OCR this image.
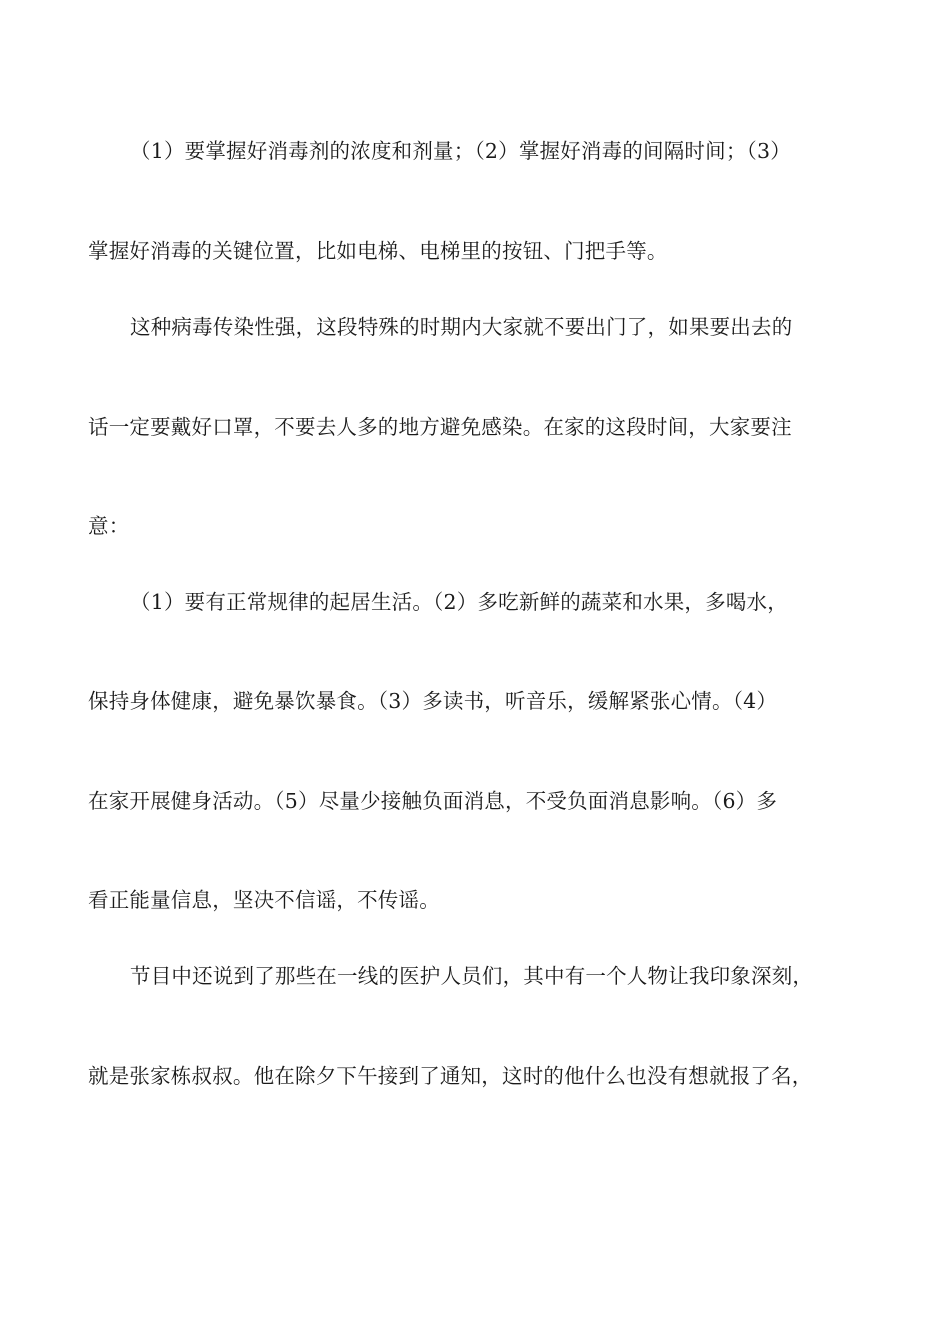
（1）要掌握好消毒剂的浓度和剂量；（2）掌握好消毒的间隔时间；（3）
掌握好消毒的关键位置，比如电梯、电梯里的按钮、门把手等。
这种病毒传染性强，这段特殊的时期内大家就不要出门了，如果要出去的
话一定要戴好口罩，不要去人多的地方避免感染。在家的这段时间，大家要注
意：
（1）要有正常规律的起居生活。（2）多吃新鲜的蔬菜和水果，多喝水，
保持身体健康，避免暴饮暴食。（3）多读书，听音乐，缓解紧张心情。（4）
在家开展健身活动。（5）尽量少接触负面消息，不受负面消息影响。（6）多
看正能量信息，坚决不信谣，不传谣。
节目中还说到了那些在一线的医护人员们，其中有一个人物让我印象深刻，
就是张家栋叔叔。他在除夕下午接到了通知，这时的他什么也没有想就报了名，
